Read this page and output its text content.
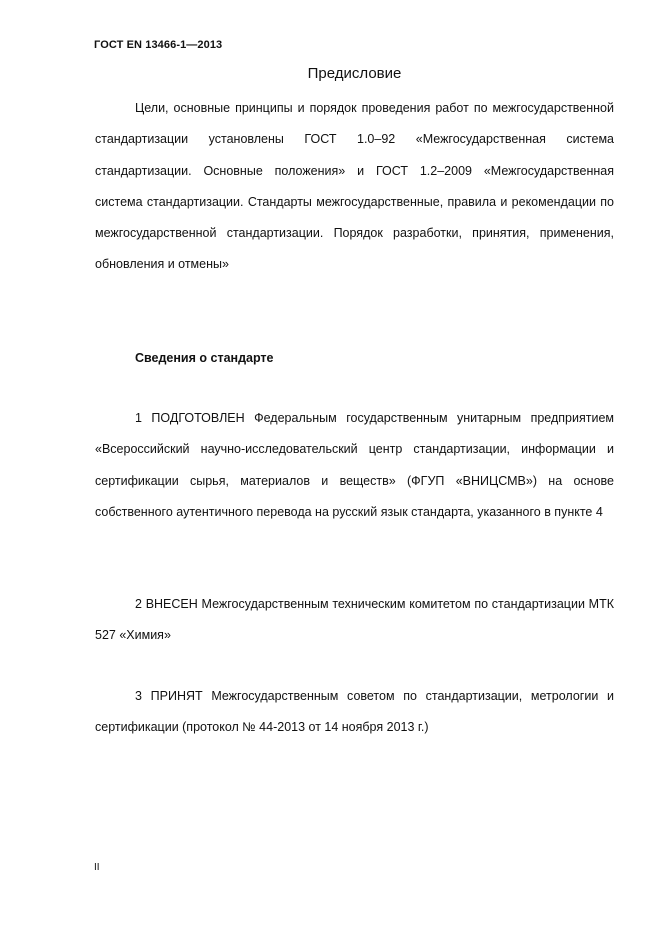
ГОСТ EN 13466-1—2013
Предисловие

Цели, основные принципы и порядок проведения работ по межгосударственной стандартизации установлены ГОСТ 1.0–92 «Межгосударственная система стандартизации. Основные положения» и ГОСТ 1.2–2009 «Межгосударственная система стандартизации. Стандарты межгосударственные, правила и рекомендации по межгосударственной стандартизации. Порядок разработки, принятия, применения, обновления и отмены»

Сведения о стандарте

1 ПОДГОТОВЛЕН Федеральным государственным унитарным предприятием «Всероссийский научно-исследовательский центр стандартизации, информации и сертификации сырья, материалов и веществ» (ФГУП «ВНИЦСМВ») на основе собственного аутентичного перевода на русский язык стандарта, указанного в пункте 4

2 ВНЕСЕН Межгосударственным техническим комитетом по стандартизации МТК 527 «Химия»

3 ПРИНЯТ Межгосударственным советом по стандартизации, метрологии и сертификации (протокол № 44-2013 от 14 ноября 2013 г.)

II
